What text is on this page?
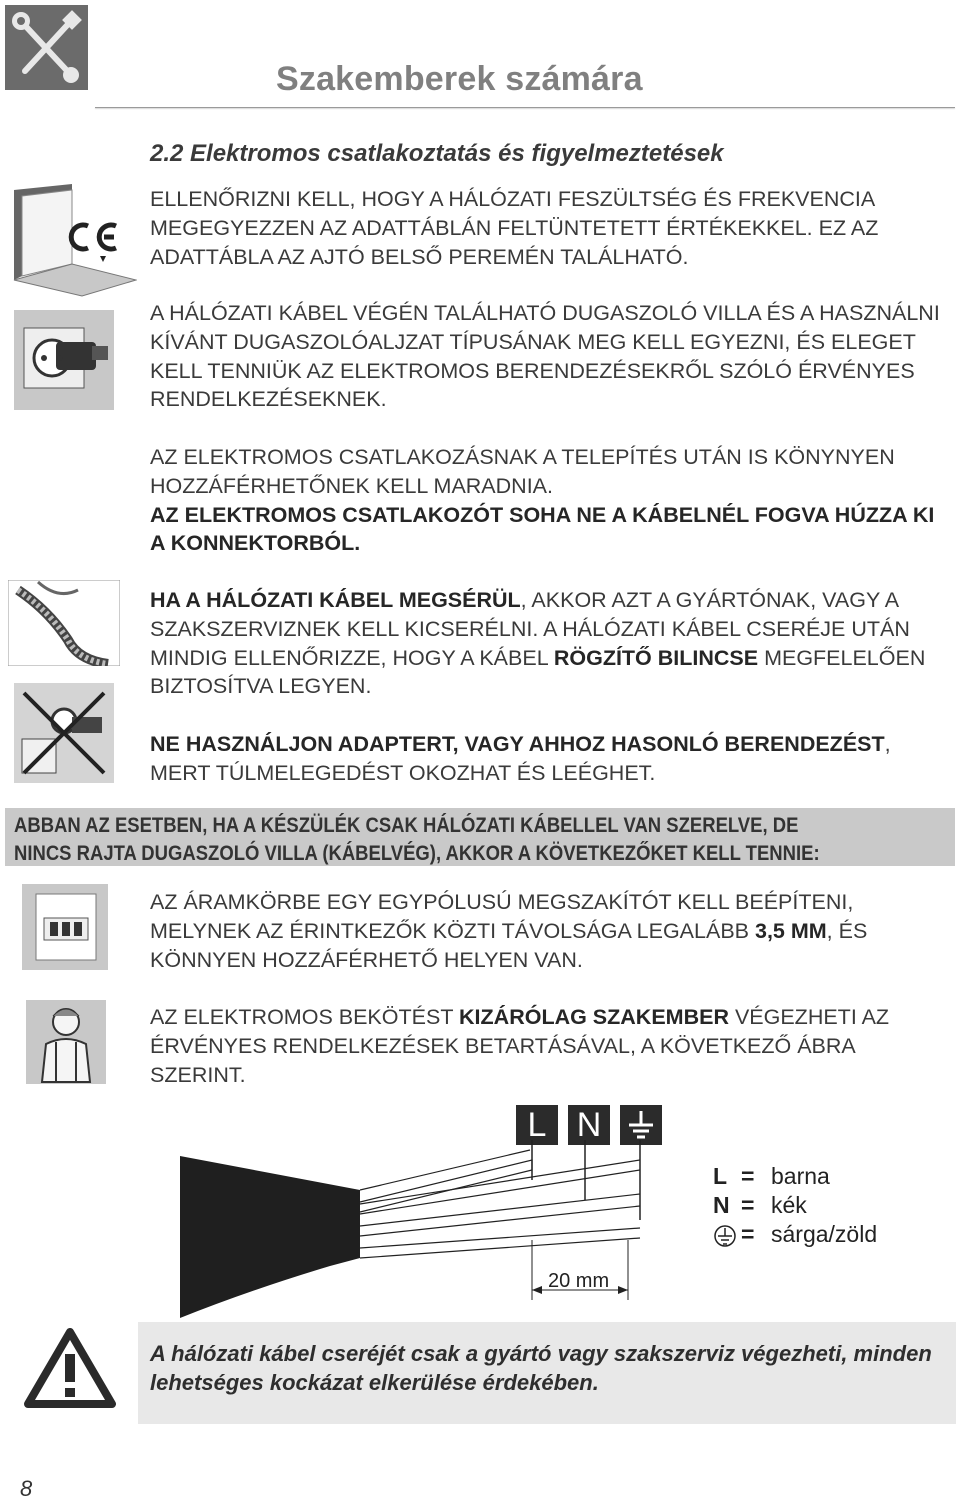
Szakemberek számára
2.2 Elektromos csatlakoztatás és figyelmeztetések
ELLENŐRIZNI KELL, HOGY A HÁLÓZATI FESZÜLTSÉG ÉS FREKVENCIA MEGEGYEZZEN AZ ADATTÁBLÁN FELTÜNTETETT ÉRTÉKEKKEL. EZ AZ ADATTÁBLA AZ AJTÓ BELSŐ PEREMÉN TALÁLHATÓ.
A HÁLÓZATI KÁBEL VÉGÉN TALÁLHATÓ DUGASZOLÓ VILLA ÉS A HASZNÁLNI KÍVÁNT DUGASZOLÓALJZAT TÍPUSÁNAK MEG KELL EGYEZNI, ÉS ELEGET KELL TENNIÜK AZ ELEKTROMOS BERENDEZÉSEKRŐL SZÓLÓ ÉRVÉNYES RENDELKEZÉSEKNEK.
AZ ELEKTROMOS CSATLAKOZÁSNAK A TELEPÍTÉS UTÁN IS KÖNYNYEN HOZZÁFÉRHETŐNEK KELL MARADNIA.
AZ ELEKTROMOS CSATLAKOZÓT SOHA NE A KÁBELNÉL FOGVA HÚZZA KI A KONNEKTORBÓL.
HA A HÁLÓZATI KÁBEL MEGSÉRÜL, AKKOR AZT A GYÁRTÓNAK, VAGY A SZAKSZERVIZNEK KELL KICSERÉLNI. A HÁLÓZATI KÁBEL CSERÉJE UTÁN MINDIG ELLENŐRIZZE, HOGY A KÁBEL RÖGZÍTŐ BILINCSE MEGFELELŐEN BIZTOSÍTVA LEGYEN.
NE HASZNÁLJON ADAPTERT, VAGY AHHOZ HASONLÓ BERENDEZÉST, MERT TÚLMELEGEDÉST OKOZHAT ÉS LEÉGHET.
ABBAN AZ ESETBEN, HA A KÉSZÜLÉK CSAK HÁLÓZATI KÁBELLEL VAN SZERELVE, DE
NINCS RAJTA DUGASZOLÓ VILLA (KÁBELVÉG), AKKOR A KÖVETKEZŐKET KELL TENNIE:
AZ ÁRAMKÖRBE EGY EGYPÓLUSÚ MEGSZAKÍTÓT KELL BEÉPÍTENI, MELYNEK AZ ÉRINTKEZŐK KÖZTI TÁVOLSÁGA LEGALÁBB 3,5 MM, ÉS KÖNNYEN HOZZÁFÉRHETŐ HELYEN VAN.
AZ ELEKTROMOS BEKÖTÉST KIZÁRÓLAG SZAKEMBER VÉGEZHETI AZ ÉRVÉNYES RENDELKEZÉSEK BETARTÁSÁVAL, A KÖVETKEZŐ ÁBRA SZERINT.
L N
20 mm
L = barna
N = kék
= sárga/zöld
A hálózati kábel cseréjét csak a gyártó vagy szakszerviz végezheti, minden lehetséges kockázat elkerülése érdekében.
8
